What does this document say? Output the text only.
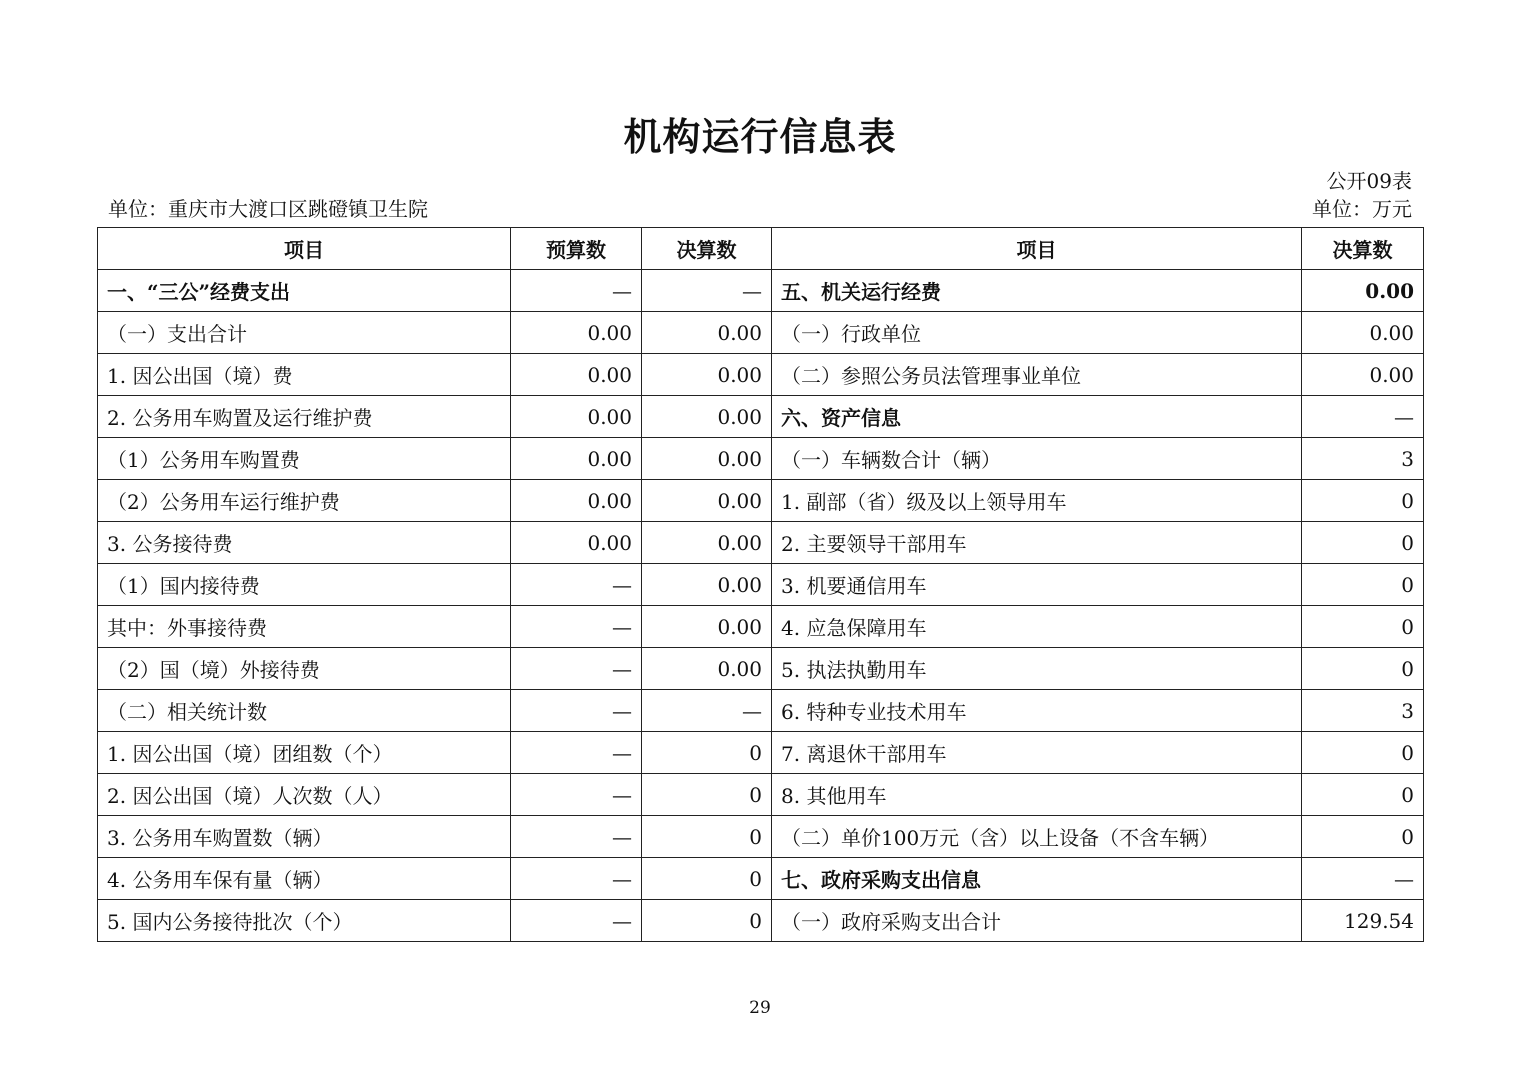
机构运行信息表
公开09表
单位：重庆市大渡口区跳磴镇卫生院	单位：万元
项目	预算数	决算数	项目	决算数
一、“三公”经费支出	—	—	五、机关运行经费	0.00
（一）支出合计	0.00	0.00	（一）行政单位	0.00
1. 因公出国（境）费	0.00	0.00	（二）参照公务员法管理事业单位	0.00
2. 公务用车购置及运行维护费	0.00	0.00	六、资产信息	—
（1）公务用车购置费	0.00	0.00	（一）车辆数合计（辆）	3
（2）公务用车运行维护费	0.00	0.00	1. 副部（省）级及以上领导用车	0
3. 公务接待费	0.00	0.00	2. 主要领导干部用车	0
（1）国内接待费	—	0.00	3. 机要通信用车	0
其中：外事接待费	—	0.00	4. 应急保障用车	0
（2）国（境）外接待费	—	0.00	5. 执法执勤用车	0
（二）相关统计数	—	—	6. 特种专业技术用车	3
1. 因公出国（境）团组数（个）	—	0	7. 离退休干部用车	0
2. 因公出国（境）人次数（人）	—	0	8. 其他用车	0
3. 公务用车购置数（辆）	—	0	（二）单价100万元（含）以上设备（不含车辆）	0
4. 公务用车保有量（辆）	—	0	七、政府采购支出信息	—
5. 国内公务接待批次（个）	—	0	（一）政府采购支出合计	129.54
29
